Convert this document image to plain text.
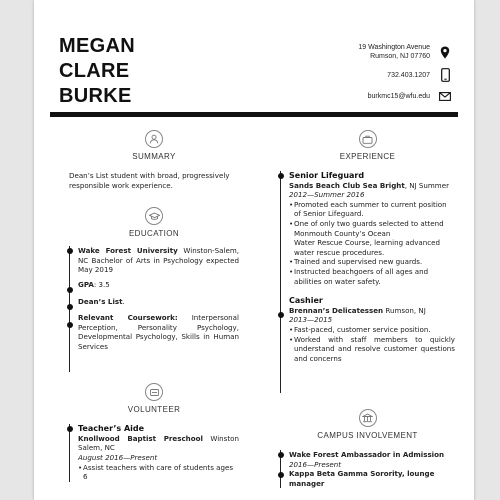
MEGAN
CLARE
BURKE
19 Washington Avenue
Rumson, NJ 07760
732.403.1207
burkmc15@wfu.edu
SUMMARY
Dean’s List student with broad, progressively responsible work experience.
EDUCATION
Wake Forest University Winston-Salem, NC Bachelor of Arts in Psychology expected May 2019
GPA: 3.5
Dean’s List.
Relevant Coursework: Interpersonal Perception, Personality Psychology, Developmental Psychology, Skills in Human Services
VOLUNTEER
Teacher’s Aide
Knollwood Baptist Preschool Winston Salem, NC
August 2016—Present
• Assist teachers with care of students ages 6
EXPERIENCE
Senior Lifeguard
Sands Beach Club Sea Bright, NJ Summer
2012—Summer 2016
• Promoted each summer to current position of Senior Lifeguard.
• One of only two guards selected to attend Monmouth County’s Ocean
Water Rescue Course, learning advanced water rescue procedures.
• Trained and supervised new guards.
• Instructed beachgoers of all ages and abilities on water safety.
Cashier
Brennan’s Delicatessen Rumson, NJ
2013—2015
• Fast-paced, customer service position.
• Worked with staff members to quickly understand and resolve customer questions and concerns
CAMPUS INVOLVEMENT
Wake Forest Ambassador in Admission
2016—Present
Kappa Beta Gamma Sorority, lounge manager
